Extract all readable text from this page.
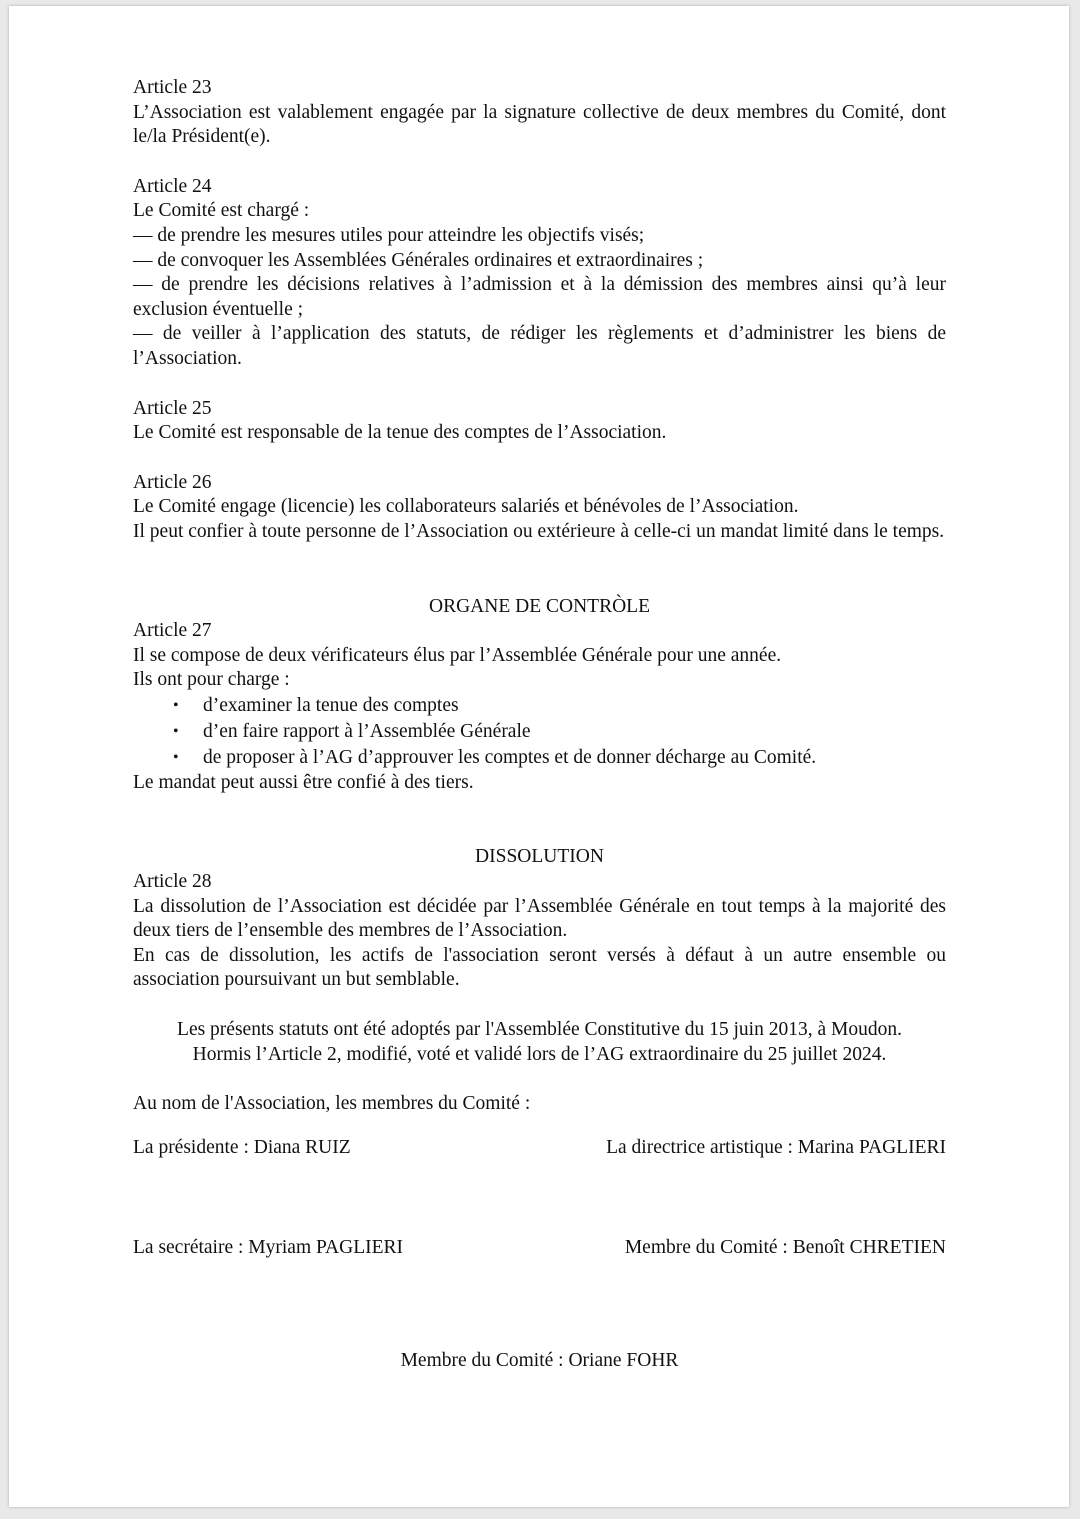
Article 23

L’Association est valablement engagée par la signature collective de deux membres du Comité, dont le/la Président(e).

Article 24

Le Comité est chargé :

— de prendre les mesures utiles pour atteindre les objectifs visés;

— de convoquer les Assemblées Générales ordinaires et extraordinaires ;

— de prendre les décisions relatives à l’admission et à la démission des membres ainsi qu’à leur exclusion éventuelle ;

— de veiller à l’application des statuts, de rédiger les règlements et d’administrer les biens de l’Association.

Article 25

Le Comité est responsable de la tenue des comptes de l’Association.

Article 26

Le Comité engage (licencie) les collaborateurs salariés et bénévoles de l’Association.

Il peut confier à toute personne de l’Association ou extérieure à celle-ci un mandat limité dans le temps.

ORGANE DE CONTRÒLE

Article 27

Il se compose de deux vérificateurs élus par l’Assemblée Générale pour une année.

Ils ont pour charge :

• d’examiner la tenue des comptes
• d’en faire rapport à l’Assemblée Générale
• de proposer à l’AG d’approuver les comptes et de donner décharge au Comité.

Le mandat peut aussi être confié à des tiers.

DISSOLUTION

Article 28

La dissolution de l’Association est décidée par l’Assemblée Générale en tout temps à la majorité des deux tiers de l’ensemble des membres de l’Association.

En cas de dissolution, les actifs de l'association seront versés à défaut à un autre ensemble ou association poursuivant un but semblable.

Les présents statuts ont été adoptés par l'Assemblée Constitutive du 15 juin 2013, à Moudon.

Hormis l’Article 2, modifié, voté et validé lors de l’AG extraordinaire du 25 juillet 2024.

Au nom de l'Association, les membres du Comité :

La présidente : Diana RUIZ	La directrice artistique : Marina PAGLIERI
La secrétaire : Myriam PAGLIERI	Membre du Comité : Benoît CHRETIEN

Membre du Comité : Oriane FOHR
